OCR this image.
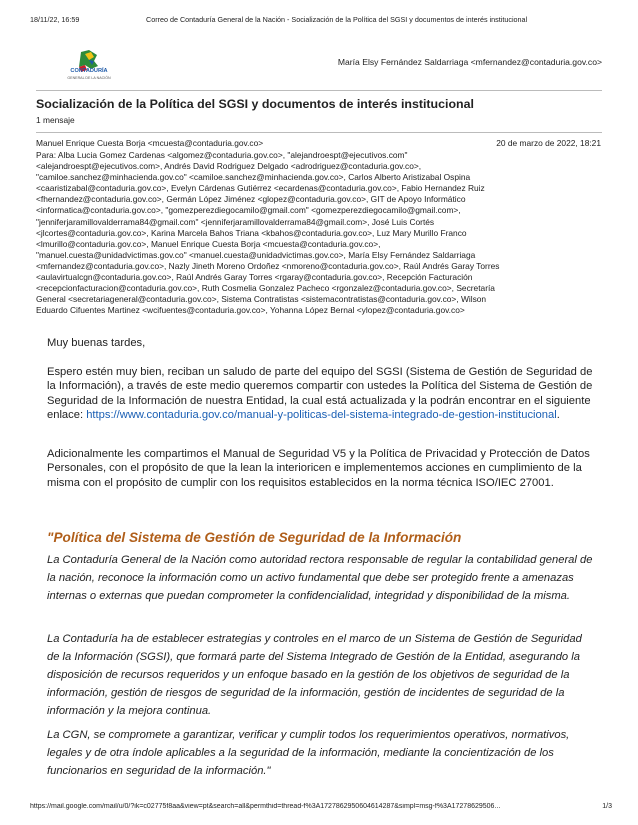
18/11/22, 16:59	Correo de Contaduría General de la Nación - Socialización de la Política del SGSI y documentos de interés institucional
CONTADURÍA
GENERAL DE LA NACIÓN
María Elsy Fernández Saldarriaga <mfernandez@contaduria.gov.co>
Socialización de la Política del SGSI y documentos de interés institucional
1 mensaje
Manuel Enrique Cuesta Borja <mcuesta@contaduria.gov.co>	20 de marzo de 2022, 18:21
Para: Alba Lucia Gomez Cardenas <algomez@contaduria.gov.co>, "alejandroespt@ejecutivos.com"
<alejandroespt@ejecutivos.com>, Andrés David Rodriguez Delgado <adrodriguez@contaduria.gov.co>,
"camiloe.sanchez@minhacienda.gov.co" <camiloe.sanchez@minhacienda.gov.co>, Carlos Alberto Aristizabal Ospina
<caaristizabal@contaduria.gov.co>, Evelyn Cárdenas Gutiérrez <ecardenas@contaduria.gov.co>, Fabio Hernandez Ruiz
<fhernandez@contaduria.gov.co>, Germán López Jiménez <glopez@contaduria.gov.co>, GIT de Apoyo Informático
<informatica@contaduria.gov.co>, "gomezperezdiegocamilo@gmail.com" <gomezperezdiegocamilo@gmail.com>,
"jenniferjaramillovalderrama84@gmail.com" <jenniferjaramillovalderrama84@gmail.com>, José Luis Cortés
<jlcortes@contaduria.gov.co>, Karina Marcela Bahos Triana <kbahos@contaduria.gov.co>, Luz Mary Murillo Franco
<lmurillo@contaduria.gov.co>, Manuel Enrique Cuesta Borja <mcuesta@contaduria.gov.co>,
"manuel.cuesta@unidadvictimas.gov.co" <manuel.cuesta@unidadvictimas.gov.co>, María Elsy Fernández Saldarriaga
<mfernandez@contaduria.gov.co>, Nazly Jineth Moreno Ordoñez <nmoreno@contaduria.gov.co>, Raúl Andrés Garay Torres
<aulavirtualcgn@contaduria.gov.co>, Raúl Andrés Garay Torres <rgaray@contaduria.gov.co>, Recepción Facturación
<recepcionfacturacion@contaduria.gov.co>, Ruth Cosmelia Gonzalez Pacheco <rgonzalez@contaduria.gov.co>, Secretaría
General <secretariageneral@contaduria.gov.co>, Sistema Contratistas <sistemacontratistas@contaduria.gov.co>, Wilson
Eduardo Cifuentes Martinez <wcifuentes@contaduria.gov.co>, Yohanna López Bernal <ylopez@contaduria.gov.co>

Muy buenas tardes,

Espero estén muy bien, reciban un saludo de parte del equipo del SGSI (Sistema de Gestión de Seguridad de la Información), a través de este medio queremos compartir con ustedes la Política del Sistema de Gestión de Seguridad de la Información de nuestra Entidad, la cual está actualizada y la podrán encontrar en el siguiente enlace: https://www.contaduria.gov.co/manual-y-politicas-del-sistema-integrado-de-gestion-institucional.

Adicionalmente les compartimos el Manual de Seguridad V5 y la Política de Privacidad y Protección de Datos Personales, con el propósito de que la lean la interioricen e implementemos acciones en cumplimiento de la misma con el propósito de cumplir con los requisitos establecidos en la norma técnica ISO/IEC 27001.

"Política del Sistema de Gestión de Seguridad de la Información

La Contaduría General de la Nación como autoridad rectora responsable de regular la contabilidad general de la nación, reconoce la información como un activo fundamental que debe ser protegido frente a amenazas internas o externas que puedan comprometer la confidencialidad, integridad y disponibilidad de la misma.

La Contaduría ha de establecer estrategias y controles en el marco de un Sistema de Gestión de Seguridad de la Información (SGSI), que formará parte del Sistema Integrado de Gestión de la Entidad, asegurando la disposición de recursos requeridos y un enfoque basado en la gestión de los objetivos de seguridad de la información, gestión de riesgos de seguridad de la información, gestión de incidentes de seguridad de la información y la mejora continua.

La CGN, se compromete a garantizar, verificar y cumplir todos los requerimientos operativos, normativos, legales y de otra índole aplicables a la seguridad de la información, mediante la concientización de los funcionarios en seguridad de la información."

https://mail.google.com/mail/u/0/?ik=c02775f8aa&view=pt&search=all&permthid=thread-f%3A1727862950604614287&simpl=msg-f%3A17278629506...	1/3
